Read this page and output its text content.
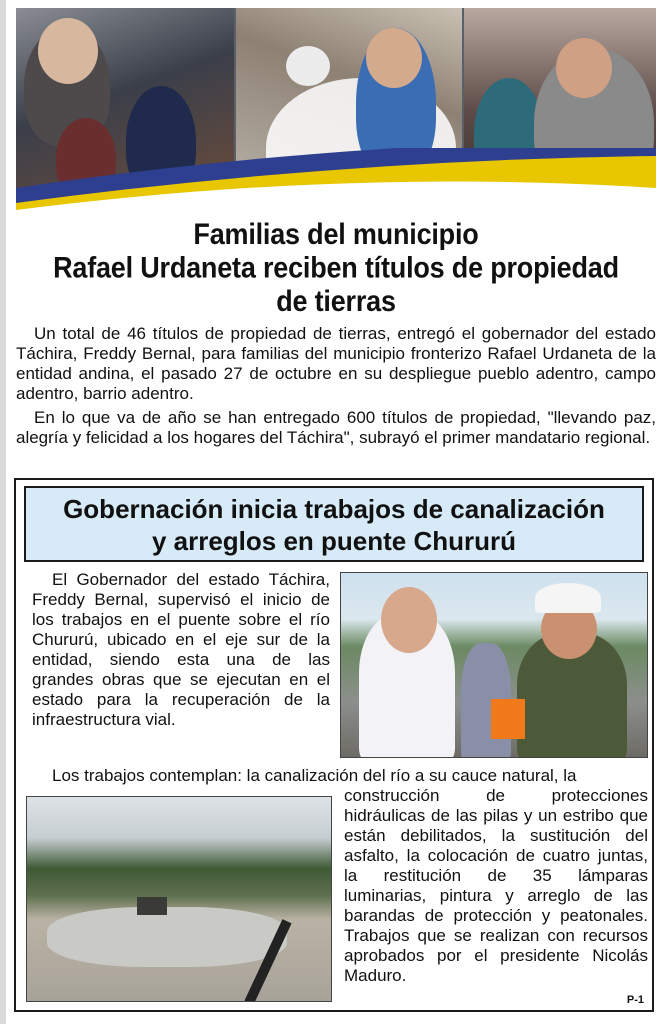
Familias del municipio
Rafael Urdaneta reciben títulos de propiedad
de tierras

Un total de 46 títulos de propiedad de tierras, entregó el gobernador del estado Táchira, Freddy Bernal, para familias del municipio fronterizo Rafael Urdaneta de la entidad andina, el pasado 27 de octubre en su despliegue pueblo adentro, campo adentro, barrio adentro.

En lo que va de año se han entregado 600 títulos de propiedad, "llevando paz, alegría y felicidad a los hogares del Táchira", subrayó el primer mandatario regional.

Gobernación inicia trabajos de canalización
y arreglos en puente Chururú

El Gobernador del estado Táchira, Freddy Bernal, supervisó el inicio de los trabajos en el puente sobre el río Chururú, ubicado en el eje sur de la entidad, siendo esta una de las grandes obras que se ejecutan en el estado para la recuperación de la infraestructura vial.

Los trabajos contemplan: la canalización del río a su cauce natural, la
construcción de protecciones hidráulicas de las pilas y un estribo que están debilitados, la sustitución del asfalto, la colocación de cuatro juntas, la restitución de 35 lámparas luminarias, pintura y arreglo de las barandas de protección y peatonales. Trabajos que se realizan con recursos aprobados por el presidente Nicolás Maduro.
P-1
